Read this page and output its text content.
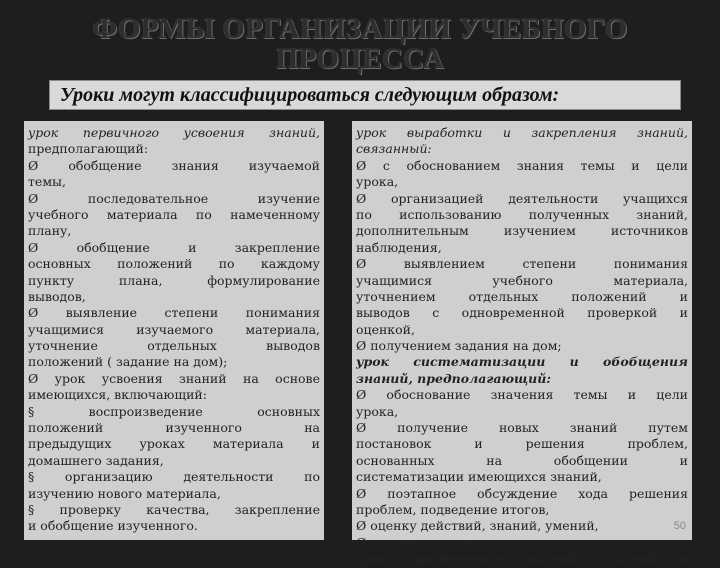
ФОРМЫ ОРГАНИЗАЦИИ УЧЕБНОГО
ПРОЦЕССА
Уроки могут классифицироваться следующим образом:
урок первичного усвоения знаний,
предполагающий:
Ø обобщение знания изучаемой
темы,
Ø последовательное изучение
учебного материала по намеченному
плану,
Ø обобщение и закрепление
основных положений по каждому
пункту плана, формулирование
выводов,
Ø выявление степени понимания
учащимися изучаемого материала,
уточнение отдельных выводов
положений ( задание на дом);
Ø урок усвоения знаний на основе
имеющихся, включающий:
§ воспроизведение основных
положений изученного на
предыдущих уроках материала и
домашнего задания,
§ организацию деятельности по
изучению нового материала,
§ проверку качества, закрепление
и обобщение изученного.
урок выработки и закрепления знаний,
связанный:
Ø с обоснованием знания темы и цели
урока,
Ø организацией деятельности учащихся
по использованию полученных знаний,
дополнительным изучением источников
наблюдения,
Ø выявлением степени понимания
учащимися учебного материала,
уточнением отдельных положений и
выводов с одновременной проверкой и
оценкой,
Ø получением задания на дом;
урок систематизации и обобщения
знаний, предполагающий:
Ø обоснование значения темы и цели
урока,
Ø получение новых знаний путем
постановок и решения проблем,
основанных на обобщении и
систематизации имеющихся знаний,
Ø поэтапное обсуждение хода решения
проблем, подведение итогов,
Ø оценку действий, знаний, умений,
Ø задание на дом;
урок применения знаний, умений и
50
